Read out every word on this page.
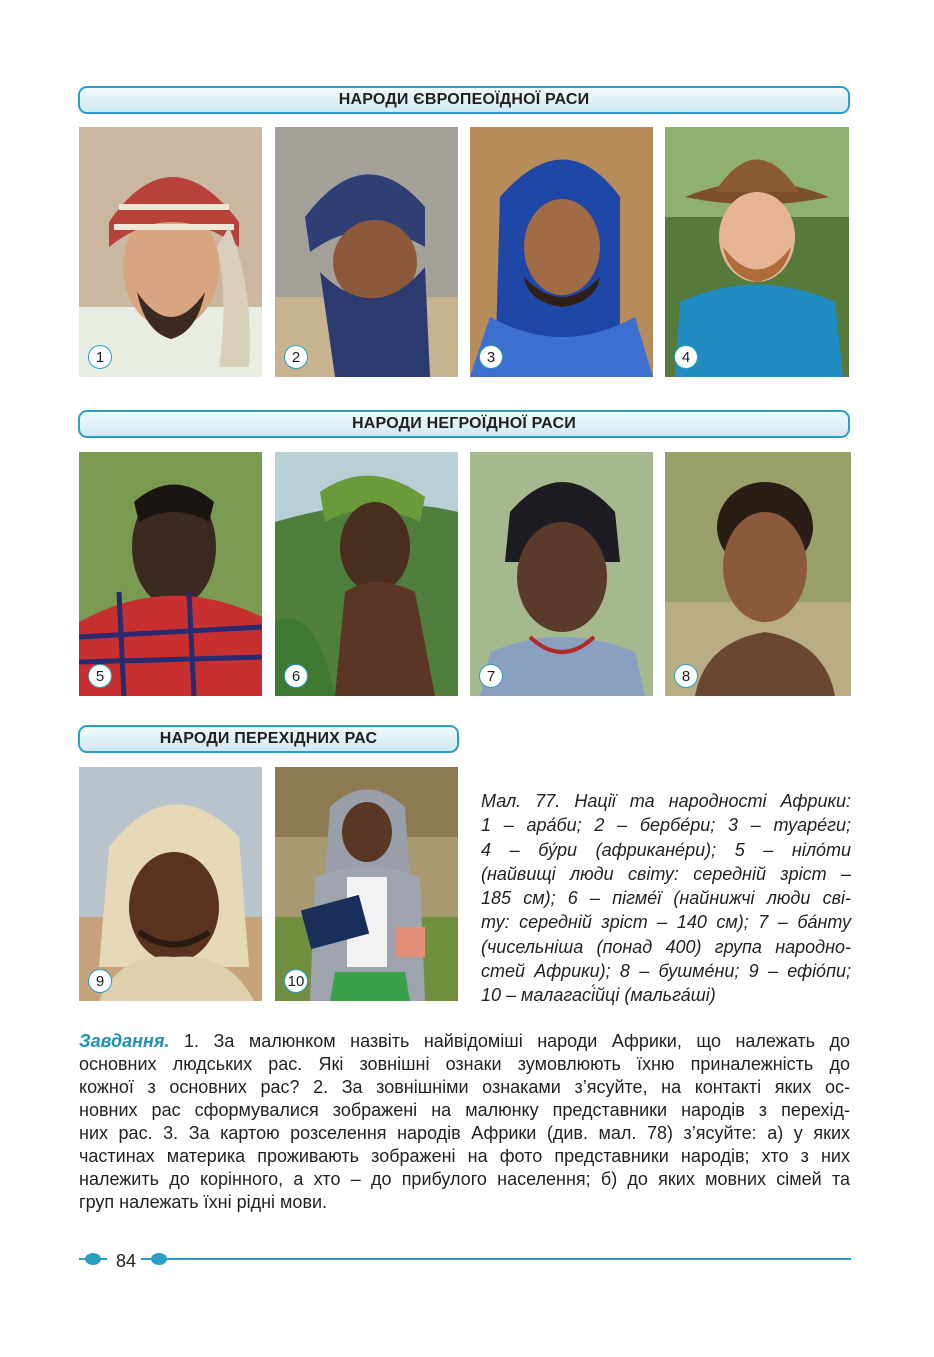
НАРОДИ ЄВРОПЕОЇДНОЇ РАСИ
НАРОДИ НЕГРОЇДНОЇ РАСИ
НАРОДИ ПЕРЕХІДНИХ РАС
1	2	3	4
5	6	7	8
9	10
Мал. 77. Нації та народності Африки:
1 – ара́би; 2 – бербе́ри; 3 – туаре́ги;
4 – бу́ри (африкане́ри); 5 – ніло́ти
(найвищі люди світу: середній зріст –
185 см); 6 – пігме́ї (найнижчі люди сві-
ту: середній зріст – 140 см); 7 – ба́нту
(чисельніша (понад 400) група народно-
стей Африки); 8 – бушме́ни; 9 – ефіо́пи;
10 – малагасі́йці (мальга́ші)
Завдання. 1. За малюнком назвіть найвідоміші народи Африки, що належать до
основних людських рас. Які зовнішні ознаки зумовлюють їхню приналежність до
кожної з основних рас? 2. За зовнішніми ознаками з’ясуйте, на контакті яких ос-
новних рас сформувалися зображені на малюнку представники народів з перехід-
них рас. 3. За картою розселення народів Африки (див. мал. 78) з’ясуйте: а) у яких
частинах материка проживають зображені на фото представники народів; хто з них
належить до корінного, а хто – до прибулого населення; б) до яких мовних сімей та
груп належать їхні рідні мови.
84
